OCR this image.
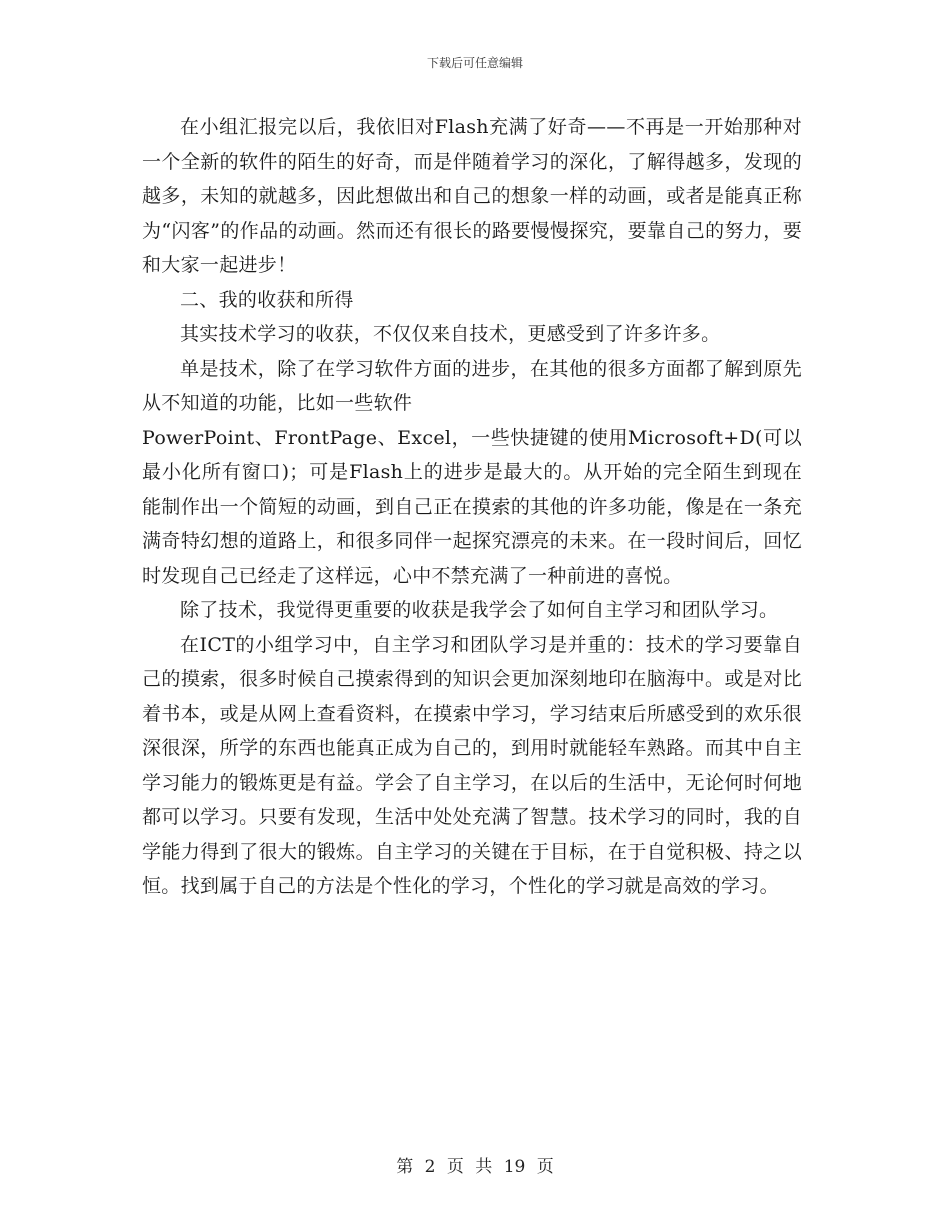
下载后可任意编辑

在小组汇报完以后，我依旧对Flash充满了好奇——不再是一开始那种对一个全新的软件的陌生的好奇，而是伴随着学习的深化，了解得越多，发现的越多，未知的就越多，因此想做出和自己的想象一样的动画，或者是能真正称为“闪客”的作品的动画。然而还有很长的路要慢慢探究，要靠自己的努力，要和大家一起进步！

二、我的收获和所得

其实技术学习的收获，不仅仅来自技术，更感受到了许多许多。

单是技术，除了在学习软件方面的进步，在其他的很多方面都了解到原先从不知道的功能，比如一些软件

PowerPoint、FrontPage、Excel，一些快捷键的使用Microsoft+D(可以最小化所有窗口)；可是Flash上的进步是最大的。从开始的完全陌生到现在能制作出一个简短的动画，到自己正在摸索的其他的许多功能，像是在一条充满奇特幻想的道路上，和很多同伴一起探究漂亮的未来。在一段时间后，回忆时发现自己已经走了这样远，心中不禁充满了一种前进的喜悦。

除了技术，我觉得更重要的收获是我学会了如何自主学习和团队学习。

在ICT的小组学习中，自主学习和团队学习是并重的：技术的学习要靠自己的摸索，很多时候自己摸索得到的知识会更加深刻地印在脑海中。或是对比着书本，或是从网上查看资料，在摸索中学习，学习结束后所感受到的欢乐很深很深，所学的东西也能真正成为自己的，到用时就能轻车熟路。而其中自主学习能力的锻炼更是有益。学会了自主学习，在以后的生活中，无论何时何地都可以学习。只要有发现，生活中处处充满了智慧。技术学习的同时，我的自学能力得到了很大的锻炼。自主学习的关键在于目标，在于自觉积极、持之以恒。找到属于自己的方法是个性化的学习，个性化的学习就是高效的学习。

第 2 页 共 19 页
